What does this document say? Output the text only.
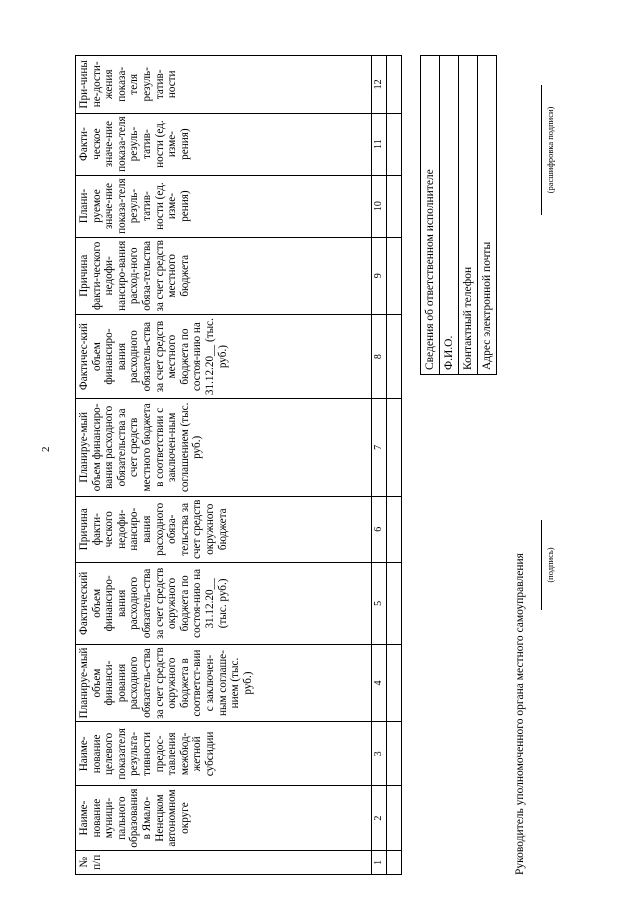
2
№ п/п	Наиме-нование муници-пального образования в Ямало-Ненецком автономном округе	Наиме-нование целевого показателя результа-тивности предос-тавления межбюд-жетной субсидии	Планируе-мый объем финанси-рования расходного обязатель-ства за счет средств окружного бюджета в соответст-вии с заключен-ным соглаше-нием (тыс. руб.)	Фактический объем финансиро-вания расходного обязатель-ства за счет средств окружного бюджета по состоя-нию на 31.12.20__ (тыс. руб.)	Причина факти-ческого недофи-нансиро-вания расходного обяза-тельства за счет средств окружного бюджета	Планируе-мый объем финансиро-вания расходного обязательства за счет средств местного бюджета в соответствии с заключен-ным соглашением (тыс. руб.)	Фактичес-кий объем финансиро-вания расходного обязатель-ства за счет средств местного бюджета по состоя-нию на 31.12.20__ (тыс. руб.)	Причина факти-ческого недофи-нансиро-вания расход-ного обяза-тельства за счет средств местного бюджета	Плани-руемое значе-ние показа-теля резуль-татив-ности (ед. изме-рения)	Факти-ческое значе-ние показа-теля резуль-татив-ности (ед. изме-рения)	При-чины не-дости-жения показа-теля резуль-татив-ности
1	2	3	4	5	6	7	8	9	10	11	12

Сведения об ответственном исполнителе
Ф.И.О.
Контактный телефон
Адрес электронной почты
Руководитель уполномоченного органа местного самоуправления (подпись)
(расшифровка подписи)
